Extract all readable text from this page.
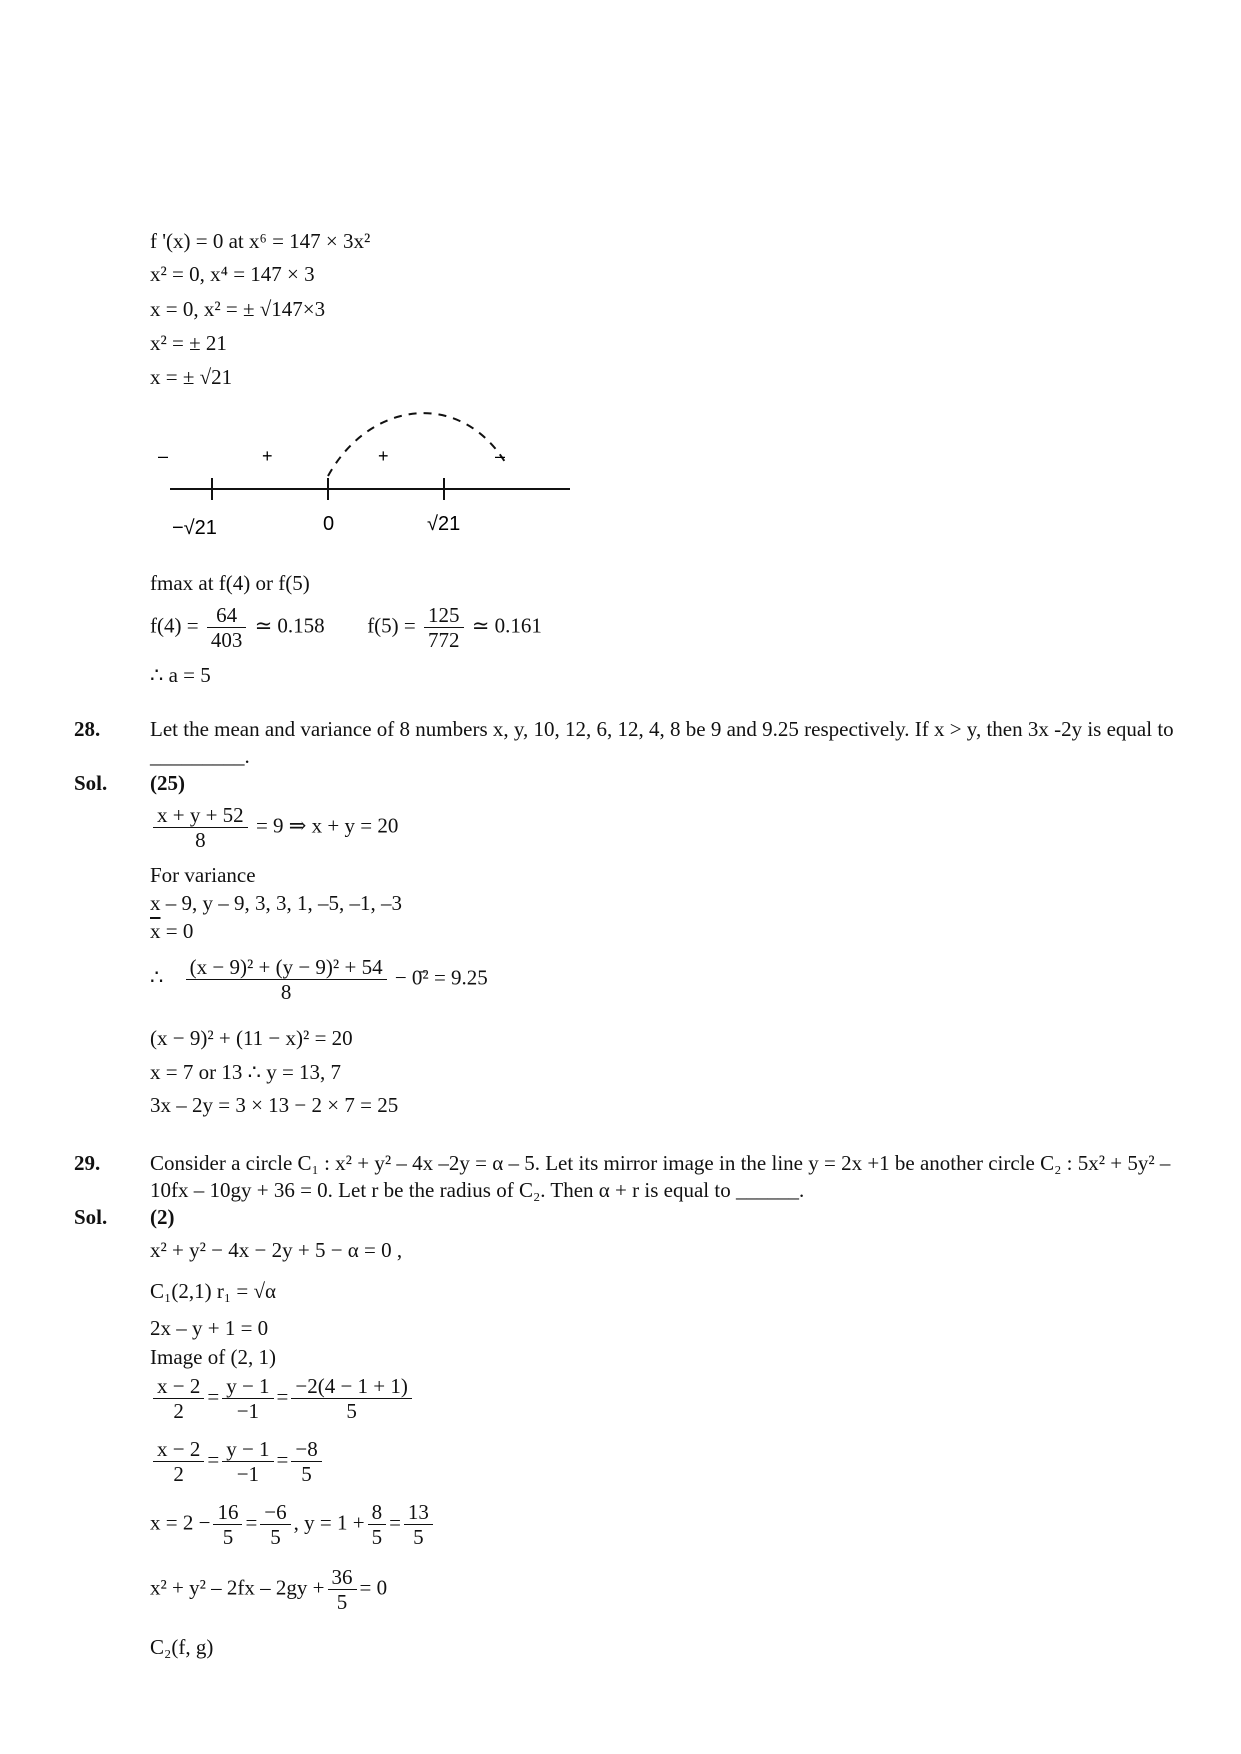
f '(x) = 0 at x⁶ = 147 × 3x²
x² = 0, x⁴ = 147 × 3
x = 0, x² = ± √147×3
x² = ± 21
x = ± √21
–	+	+	–
−√21	0	√21
fmax at f(4) or f(5)
$f(4) = \frac{64}{403}$ ≃ 0.158 $f(5) = \frac{125}{772}$ ≃ 0.161
∴ a = 5
28. Let the mean and variance of 8 numbers x, y, 10, 12, 6, 12, 4, 8 be 9 and 9.25 respectively. If x > y, then 3x -2y is equal to _________.
Sol. (25)
$\frac{x + y + 52}{8} = 9$ ⇒ x + y = 20
For variance
x – 9, y – 9, 3, 3, 1, –5, –1, –3
$\overline{x} = 0$
∴ $\frac{\text{(x − 9)² + (y − 9)² + 54}}{8}$ − 0̄² = 9.25
(x − 9)² + (11 − x)² = 20
x = 7 or 13 ∴ y = 13, 7
3x – 2y = 3 × 13 − 2 × 7 = 25
29. Consider a circle C₁ : x² + y² – 4x –2y = α – 5. Let its mirror image in the line y = 2x +1 be another circle C₂ : 5x² + 5y² –10fx – 10gy + 36 = 0. Let r be the radius of C₂. Then α + r is equal to ______.
Sol. (2)
x² + y² − 4x − 2y + 5 − α = 0 ,
C₁(2,1) r₁ = √α
2x – y + 1 = 0
Image of (2, 1)
$\frac{x - 2}{2} = \frac{y - 1}{-1} = \frac{-2(4 - 1 + 1)}{5}$
$\frac{x - 2}{2} = \frac{y - 1}{-1} = \frac{-8}{5}$
$x = 2 - \frac{16}{5} = \frac{-6}{5}$ , $y = 1 + \frac{8}{5} = \frac{13}{5}$
$x^2 + y^2 - 2fx - 2gy + \frac{36}{5} = 0$
C₂(f, g)
